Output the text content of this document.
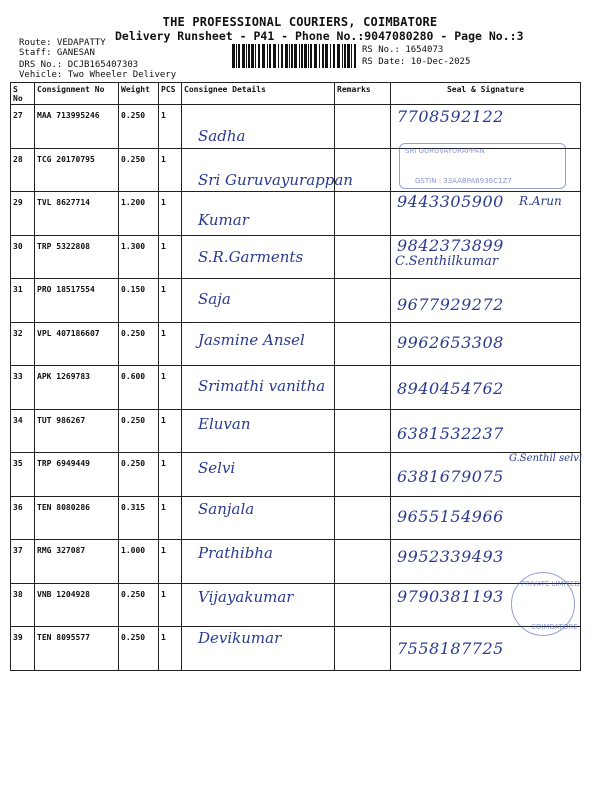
THE PROFESSIONAL COURIERS, COIMBATORE
Delivery Runsheet - P41 - Phone No.:9047080280 - Page No.:3
Route: VEDAPATTY
Staff: GANESAN
DRS No.: DCJB165407303
Vehicle: Two Wheeler Delivery
RS No.: 1654073
RS Date: 10-Dec-2025
S No	Consignment No	Weight	PCS	Consignee Details	Remarks	Seal & Signature
27	MAA 713995246	0.250	1	Sadha		7708592122

28	TCG 20170795	0.250	1	Sri Guruvayurappan		SRI GURUVAYURAPPAN
GSTIN : 33AABPA6936C1Z7

29	TVL 8627714	1.200	1	Kumar		9443305900 R.Arun

30	TRP 5322808	1.300	1	S.R.Garments		9842373899
C.Senthilkumar

31	PRO 18517554	0.150	1	Saja		9677929272

32	VPL 407186607	0.250	1	Jasmine Ansel		9962653308

33	APK 1269783	0.600	1	Srimathi vanitha		8940454762

34	TUT 986267	0.250	1	Eluvan		6381532237

35	TRP 6949449	0.250	1	Selvi		6381679075
G.Senthil selvi

36	TEN 8080286	0.315	1	Sanjala		9655154966

37	RMG 327087	1.000	1	Prathibha		9952339493

38	VNB 1204928	0.250	1	Vijayakumar		9790381193
PRIVATE LIMITED

39	TEN 8095577	0.250	1	Devikumar		7558187725
COIMBATORE
